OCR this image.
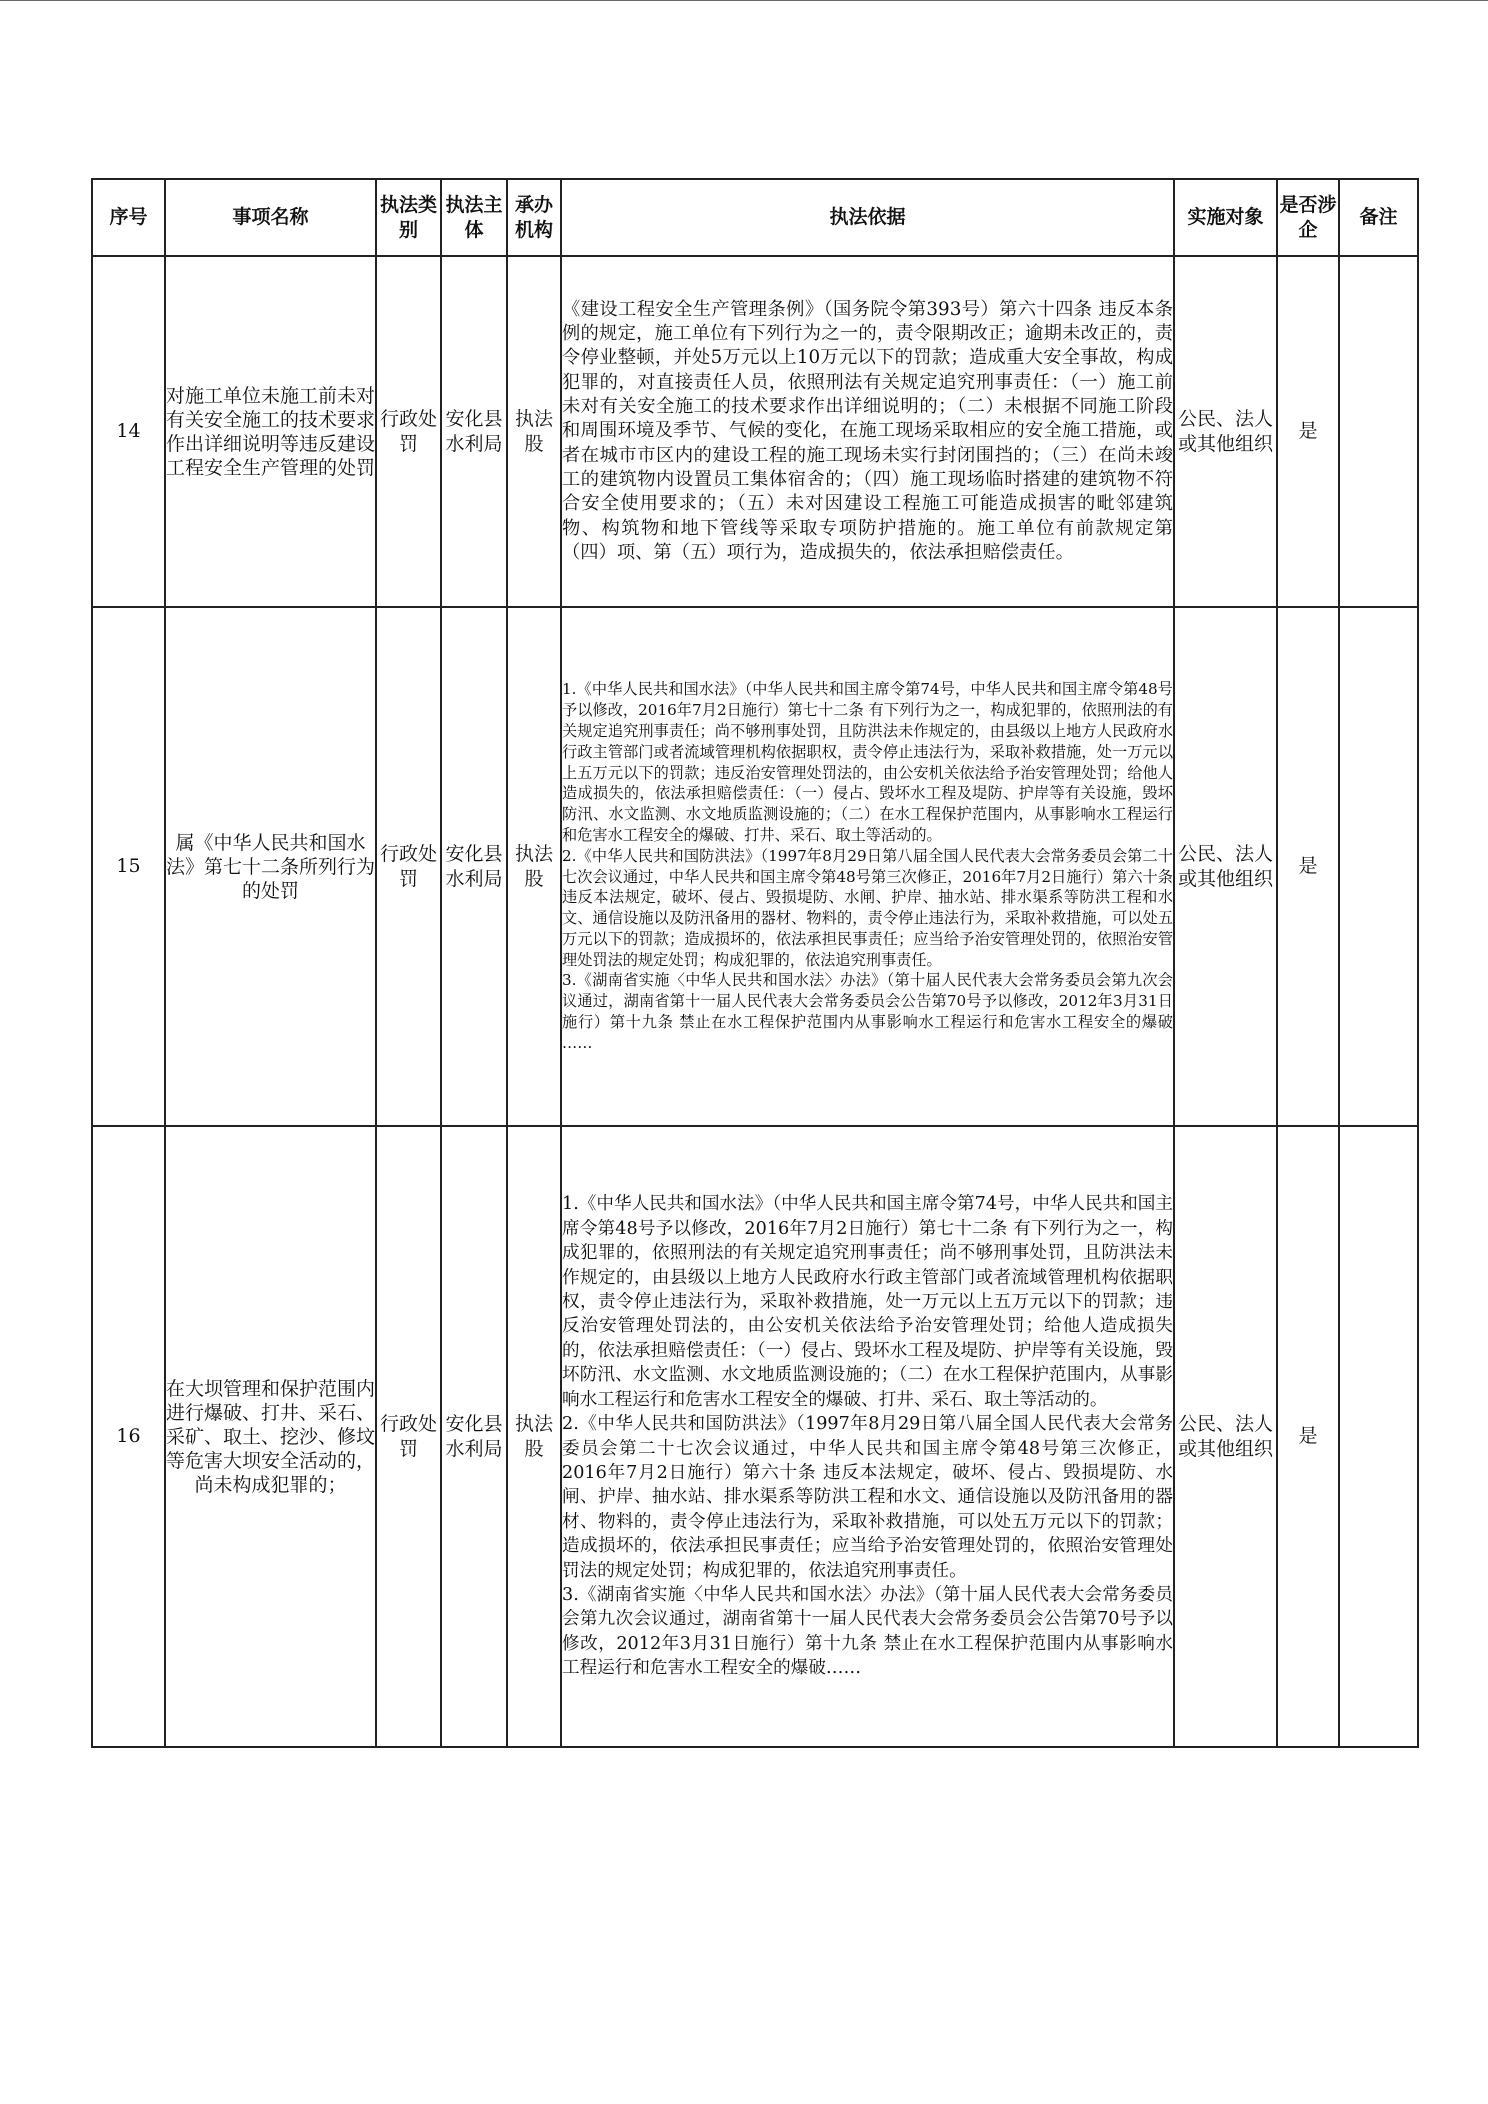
序号	事项名称	执法类别	执法主体	承办机构	执法依据	实施对象	是否涉企	备注
14	对施工单位未施工前未对有关安全施工的技术要求作出详细说明等违反建设工程安全生产管理的处罚	行政处罚	安化县水利局	执法股	《建设工程安全生产管理条例》（国务院令第393号）第六十四条 违反本条例的规定，施工单位有下列行为之一的，责令限期改正；逾期未改正的，责令停业整顿，并处5万元以上10万元以下的罚款；造成重大安全事故，构成犯罪的，对直接责任人员，依照刑法有关规定追究刑事责任：（一）施工前未对有关安全施工的技术要求作出详细说明的；（二）未根据不同施工阶段和周围环境及季节、气候的变化，在施工现场采取相应的安全施工措施，或者在城市市区内的建设工程的施工现场未实行封闭围挡的；（三）在尚未竣工的建筑物内设置员工集体宿舍的；（四）施工现场临时搭建的建筑物不符合安全使用要求的；（五）未对因建设工程施工可能造成损害的毗邻建筑物、构筑物和地下管线等采取专项防护措施的。施工单位有前款规定第（四）项、第（五）项行为，造成损失的，依法承担赔偿责任。	公民、法人或其他组织	是	
15	属《中华人民共和国水法》第七十二条所列行为的处罚	行政处罚	安化县水利局	执法股	1.《中华人民共和国水法》（中华人民共和国主席令第74号，中华人民共和国主席令第48号予以修改，2016年7月2日施行）第七十二条 有下列行为之一，构成犯罪的，依照刑法的有关规定追究刑事责任；尚不够刑事处罚，且防洪法未作规定的，由县级以上地方人民政府水行政主管部门或者流域管理机构依据职权，责令停止违法行为，采取补救措施，处一万元以上五万元以下的罚款；违反治安管理处罚法的，由公安机关依法给予治安管理处罚；给他人造成损失的，依法承担赔偿责任：（一）侵占、毁坏水工程及堤防、护岸等有关设施，毁坏防汛、水文监测、水文地质监测设施的；（二）在水工程保护范围内，从事影响水工程运行和危害水工程安全的爆破、打井、采石、取土等活动的。

2.《中华人民共和国防洪法》（1997年8月29日第八届全国人民代表大会常务委员会第二十七次会议通过，中华人民共和国主席令第48号第三次修正，2016年7月2日施行）第六十条 违反本法规定，破坏、侵占、毁损堤防、水闸、护岸、抽水站、排水渠系等防洪工程和水文、通信设施以及防汛备用的器材、物料的，责令停止违法行为，采取补救措施，可以处五万元以下的罚款；造成损坏的，依法承担民事责任；应当给予治安管理处罚的，依照治安管理处罚法的规定处罚；构成犯罪的，依法追究刑事责任。

3.《湖南省实施〈中华人民共和国水法〉办法》（第十届人民代表大会常务委员会第九次会议通过，湖南省第十一届人民代表大会常务委员会公告第70号予以修改，2012年3月31日施行）第十九条 禁止在水工程保护范围内从事影响水工程运行和危害水工程安全的爆破 ……	公民、法人或其他组织	是	
16	在大坝管理和保护范围内进行爆破、打井、采石、采矿、取土、挖沙、修坟等危害大坝安全活动的，尚未构成犯罪的；	行政处罚	安化县水利局	执法股	1.《中华人民共和国水法》（中华人民共和国主席令第74号，中华人民共和国主席令第48号予以修改，2016年7月2日施行）第七十二条 有下列行为之一，构成犯罪的，依照刑法的有关规定追究刑事责任；尚不够刑事处罚，且防洪法未作规定的，由县级以上地方人民政府水行政主管部门或者流域管理机构依据职权，责令停止违法行为，采取补救措施，处一万元以上五万元以下的罚款；违反治安管理处罚法的，由公安机关依法给予治安管理处罚；给他人造成损失的，依法承担赔偿责任：（一）侵占、毁坏水工程及堤防、护岸等有关设施，毁坏防汛、水文监测、水文地质监测设施的；（二）在水工程保护范围内，从事影响水工程运行和危害水工程安全的爆破、打井、采石、取土等活动的。

2.《中华人民共和国防洪法》（1997年8月29日第八届全国人民代表大会常务委员会第二十七次会议通过，中华人民共和国主席令第48号第三次修正，2016年7月2日施行）第六十条 违反本法规定，破坏、侵占、毁损堤防、水闸、护岸、抽水站、排水渠系等防洪工程和水文、通信设施以及防汛备用的器材、物料的，责令停止违法行为，采取补救措施，可以处五万元以下的罚款；造成损坏的，依法承担民事责任；应当给予治安管理处罚的，依照治安管理处罚法的规定处罚；构成犯罪的，依法追究刑事责任。

3.《湖南省实施〈中华人民共和国水法〉办法》（第十届人民代表大会常务委员会第九次会议通过，湖南省第十一届人民代表大会常务委员会公告第70号予以修改，2012年3月31日施行）第十九条 禁止在水工程保护范围内从事影响水工程运行和危害水工程安全的爆破……	公民、法人或其他组织	是	
